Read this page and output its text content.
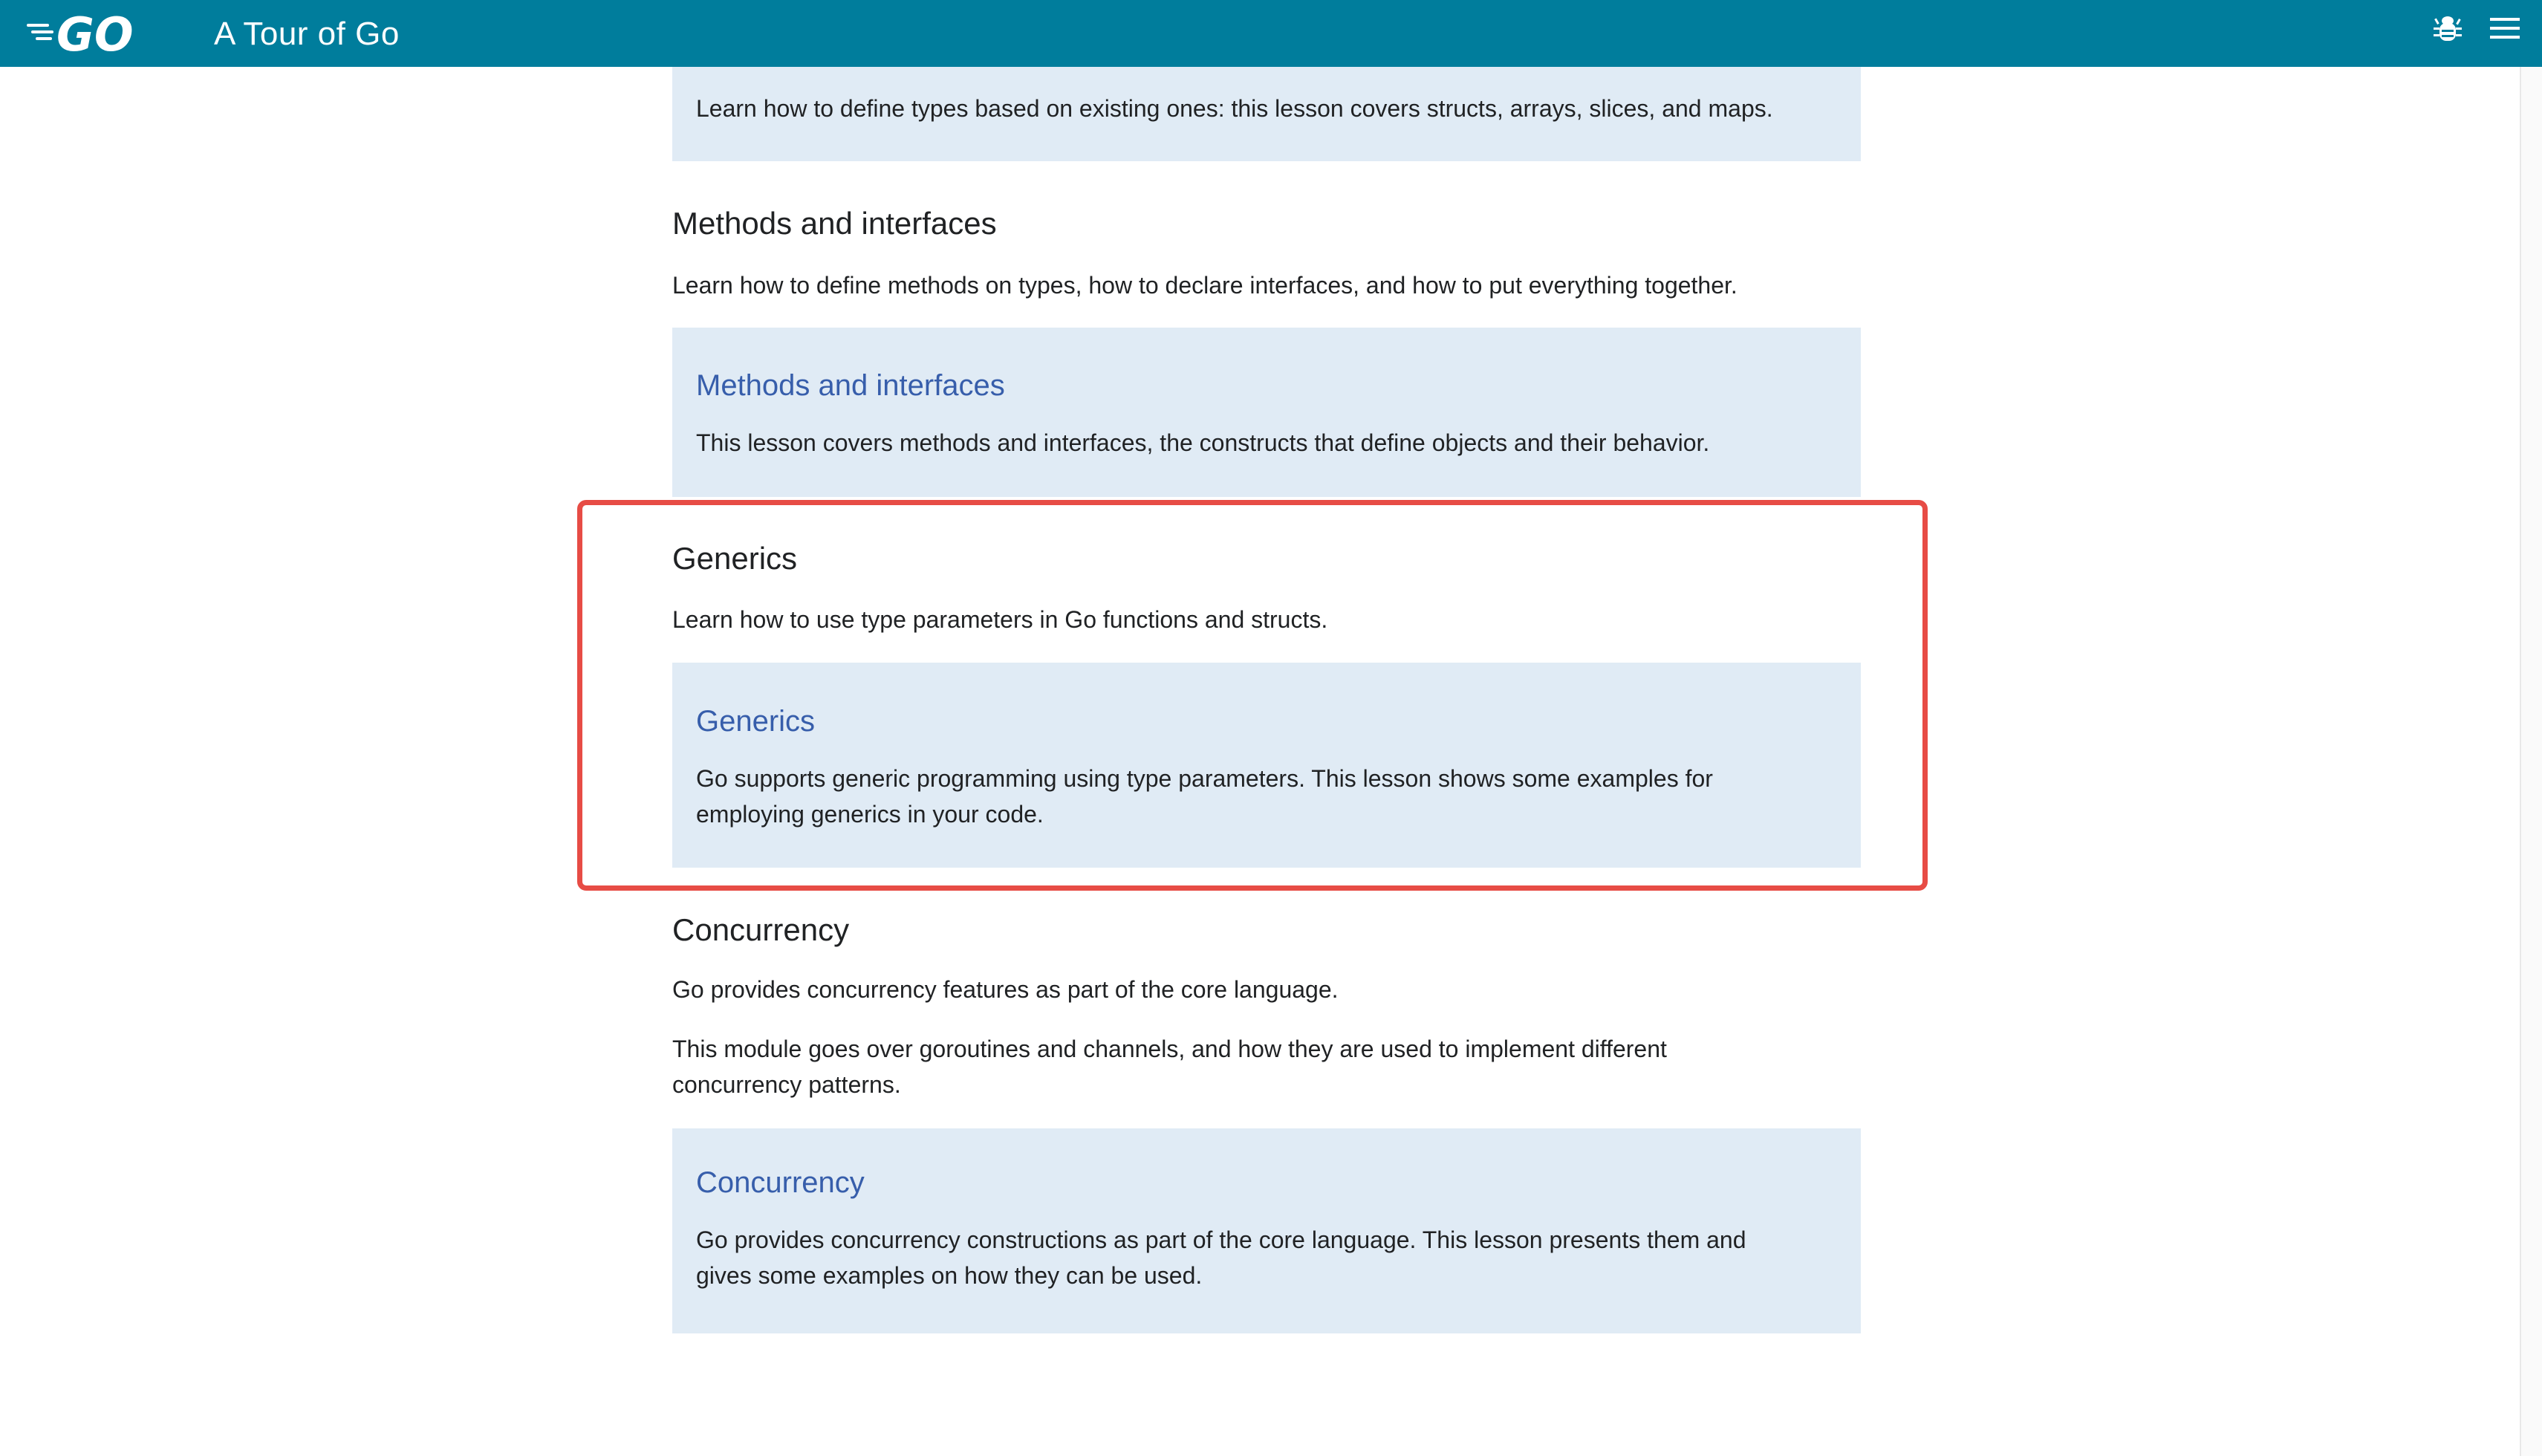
GO A Tour of Go
Learn how to define types based on existing ones: this lesson covers structs, arrays, slices, and maps.
Methods and interfaces
Learn how to define methods on types, how to declare interfaces, and how to put everything together.
Methods and interfaces
This lesson covers methods and interfaces, the constructs that define objects and their behavior.
Generics
Learn how to use type parameters in Go functions and structs.
Generics
Go supports generic programming using type parameters. This lesson shows some examples for
employing generics in your code.
Concurrency
Go provides concurrency features as part of the core language.
This module goes over goroutines and channels, and how they are used to implement different
concurrency patterns.
Concurrency
Go provides concurrency constructions as part of the core language. This lesson presents them and
gives some examples on how they can be used.
